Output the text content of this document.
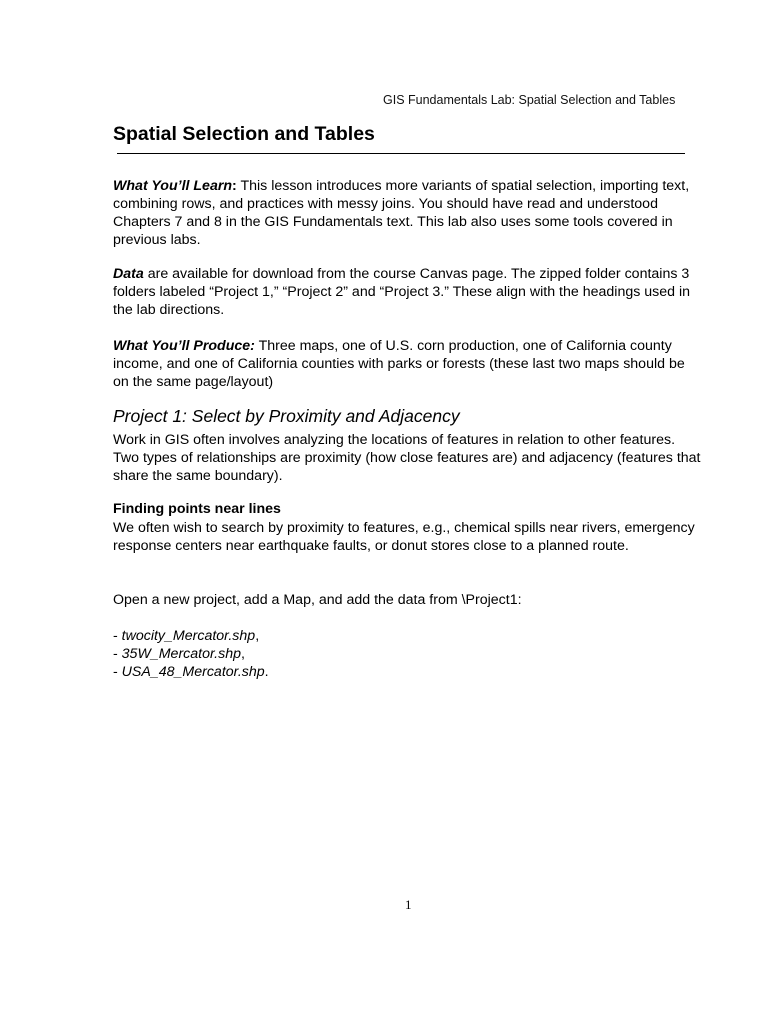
GIS Fundamentals Lab: Spatial Selection and Tables
Spatial Selection and Tables

What You’ll Learn: This lesson introduces more variants of spatial selection, importing text, combining rows, and practices with messy joins. You should have read and understood Chapters 7 and 8 in the GIS Fundamentals text. This lab also uses some tools covered in previous labs.

Data are available for download from the course Canvas page. The zipped folder contains 3 folders labeled “Project 1,” “Project 2” and “Project 3.” These align with the headings used in the lab directions.

What You’ll Produce: Three maps, one of U.S. corn production, one of California county income, and one of California counties with parks or forests (these last two maps should be on the same page/layout)

Project 1: Select by Proximity and Adjacency

Work in GIS often involves analyzing the locations of features in relation to other features. Two types of relationships are proximity (how close features are) and adjacency (features that share the same boundary).

Finding points near lines

We often wish to search by proximity to features, e.g., chemical spills near rivers, emergency response centers near earthquake faults, or donut stores close to a planned route.

Open a new project, add a Map, and add the data from \Project1:

- twocity_Mercator.shp,
- 35W_Mercator.shp,
- USA_48_Mercator.shp.
1
